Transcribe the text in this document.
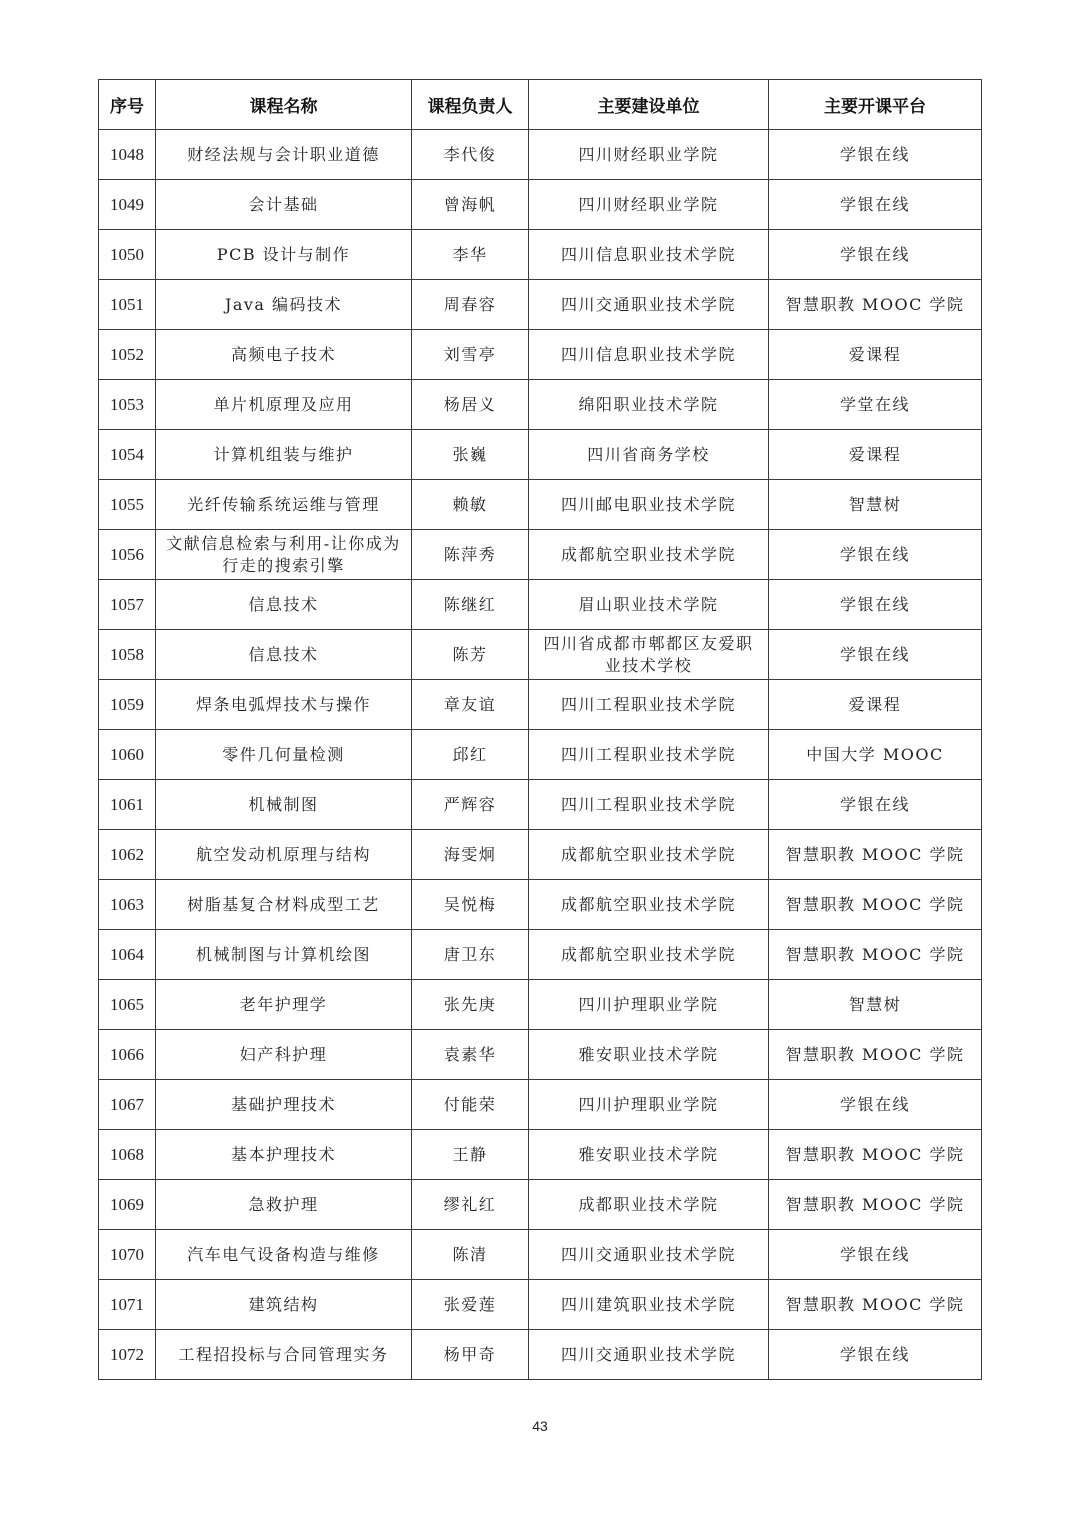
序号	课程名称	课程负责人	主要建设单位	主要开课平台
1048	财经法规与会计职业道德	李代俊	四川财经职业学院	学银在线
1049	会计基础	曾海帆	四川财经职业学院	学银在线
1050	PCB 设计与制作	李华	四川信息职业技术学院	学银在线
1051	Java 编码技术	周春容	四川交通职业技术学院	智慧职教 MOOC 学院
1052	高频电子技术	刘雪亭	四川信息职业技术学院	爱课程
1053	单片机原理及应用	杨居义	绵阳职业技术学院	学堂在线
1054	计算机组装与维护	张巍	四川省商务学校	爱课程
1055	光纤传输系统运维与管理	赖敏	四川邮电职业技术学院	智慧树
1056	文献信息检索与利用-让你成为行走的搜索引擎	陈萍秀	成都航空职业技术学院	学银在线
1057	信息技术	陈继红	眉山职业技术学院	学银在线
1058	信息技术	陈芳	四川省成都市郫都区友爱职业技术学校	学银在线
1059	焊条电弧焊技术与操作	章友谊	四川工程职业技术学院	爱课程
1060	零件几何量检测	邱红	四川工程职业技术学院	中国大学 MOOC
1061	机械制图	严辉容	四川工程职业技术学院	学银在线
1062	航空发动机原理与结构	海雯炯	成都航空职业技术学院	智慧职教 MOOC 学院
1063	树脂基复合材料成型工艺	吴悦梅	成都航空职业技术学院	智慧职教 MOOC 学院
1064	机械制图与计算机绘图	唐卫东	成都航空职业技术学院	智慧职教 MOOC 学院
1065	老年护理学	张先庚	四川护理职业学院	智慧树
1066	妇产科护理	袁素华	雅安职业技术学院	智慧职教 MOOC 学院
1067	基础护理技术	付能荣	四川护理职业学院	学银在线
1068	基本护理技术	王静	雅安职业技术学院	智慧职教 MOOC 学院
1069	急救护理	缪礼红	成都职业技术学院	智慧职教 MOOC 学院
1070	汽车电气设备构造与维修	陈清	四川交通职业技术学院	学银在线
1071	建筑结构	张爱莲	四川建筑职业技术学院	智慧职教 MOOC 学院
1072	工程招投标与合同管理实务	杨甲奇	四川交通职业技术学院	学银在线
43
